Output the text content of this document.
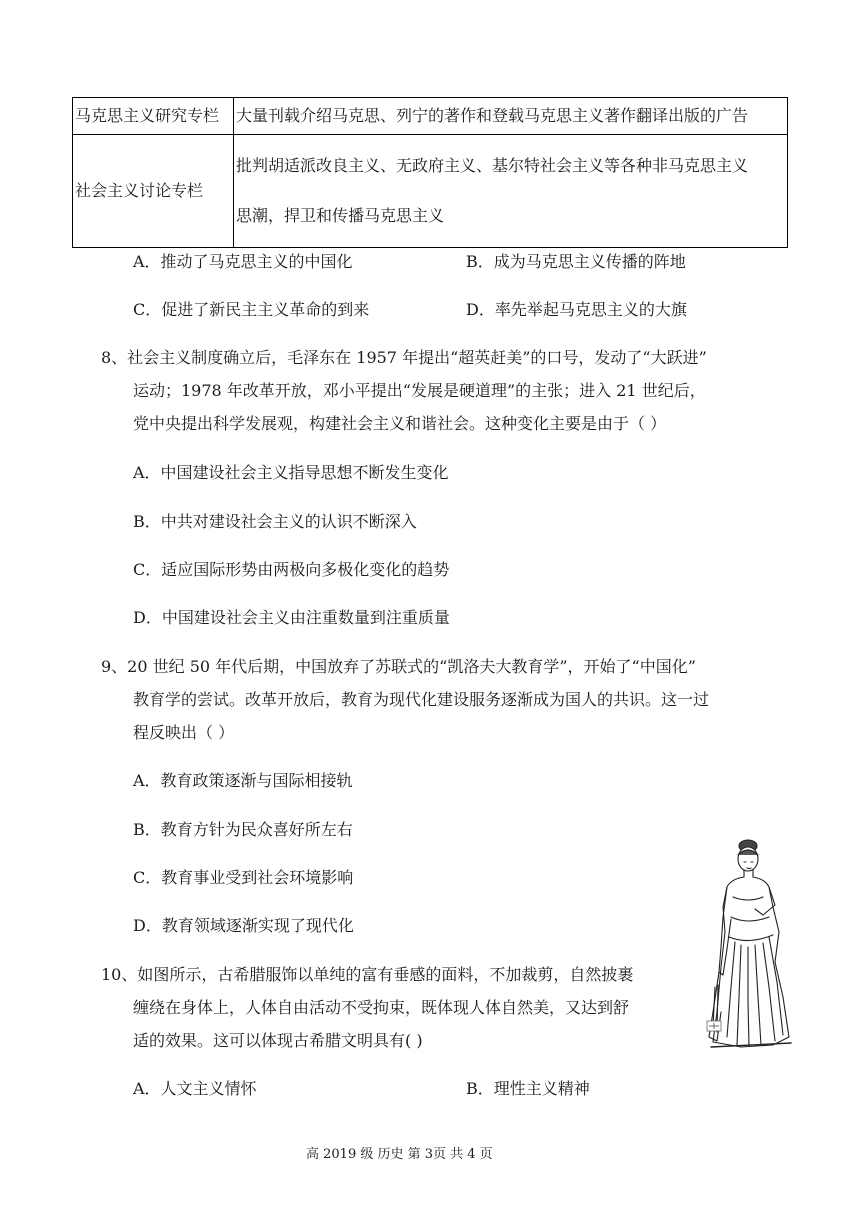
马克思主义研究专栏	大量刊载介绍马克思、列宁的著作和登载马克思主义著作翻译出版的广告
社会主义讨论专栏	批判胡适派改良主义、无政府主义、基尔特社会主义等各种非马克思主义
思潮，捍卫和传播马克思主义
A．推动了马克思主义的中国化	B．成为马克思主义传播的阵地
C．促进了新民主主义革命的到来	D．率先举起马克思主义的大旗
8、社会主义制度确立后，毛泽东在 1957 年提出“超英赶美”的口号，发动了“大跃进”
运动；1978 年改革开放，邓小平提出“发展是硬道理”的主张；进入 21 世纪后，
党中央提出科学发展观，构建社会主义和谐社会。这种变化主要是由于（ ）
A．中国建设社会主义指导思想不断发生变化
B．中共对建设社会主义的认识不断深入
C．适应国际形势由两极向多极化变化的趋势
D．中国建设社会主义由注重数量到注重质量
9、20 世纪 50 年代后期，中国放弃了苏联式的“凯洛夫大教育学”，开始了“中国化”
教育学的尝试。改革开放后，教育为现代化建设服务逐渐成为国人的共识。这一过
程反映出（ ）
A．教育政策逐渐与国际相接轨
B．教育方针为民众喜好所左右
C．教育事业受到社会环境影响
D．教育领域逐渐实现了现代化
10、如图所示，古希腊服饰以单纯的富有垂感的面料，不加裁剪，自然披裹
缠绕在身体上，人体自由活动不受拘束，既体现人体自然美，又达到舒
适的效果。这可以体现古希腊文明具有( )
A．人文主义情怀	B．理性主义精神
高 2019 级 历史 第 3页 共 4 页
